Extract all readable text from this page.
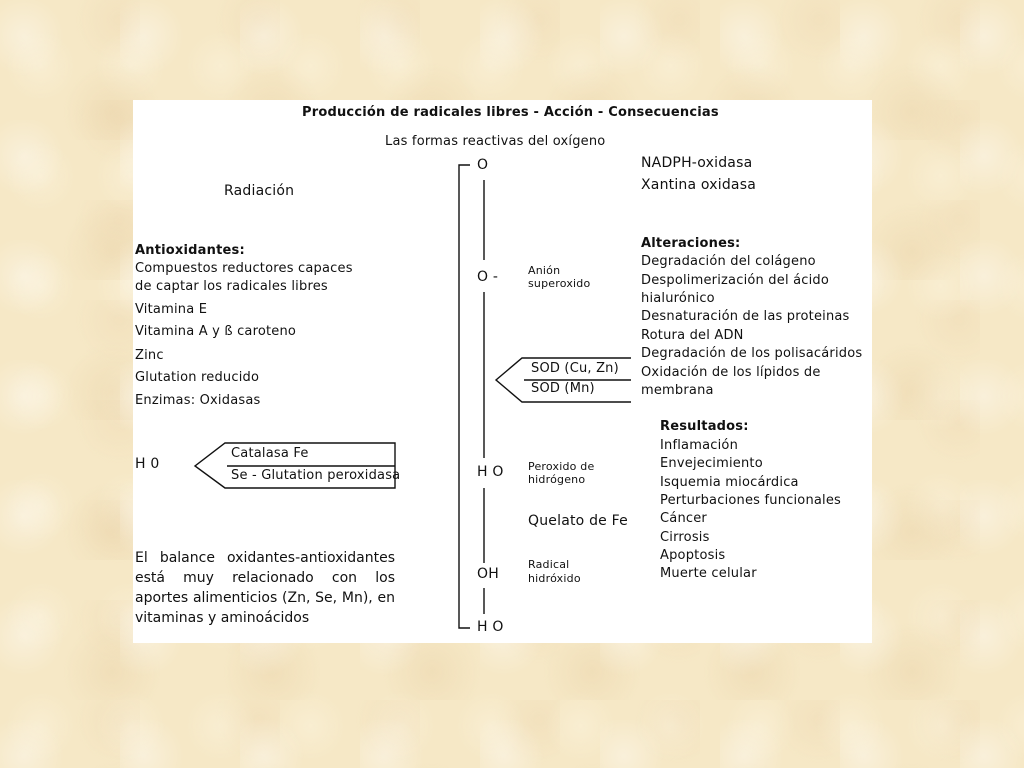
Producción de radicales libres - Acción - Consecuencias
Las formas reactivas del oxígeno
Radiación
Antioxidantes:
Compuestos reductores capaces
de captar los radicales libres
Vitamina E
Vitamina A y ß caroteno
Zinc
Glutation reducido
Enzimas: Oxidasas
H 0
Catalasa Fe
Se - Glutation peroxidasa
El balance oxidantes-antioxidantes está muy relacionado con los aportes alimenticios (Zn, Se, Mn), en vitaminas y aminoácidos
O
O -	Anión
superoxido
SOD (Cu, Zn)
SOD (Mn)
H O Peroxido de
hidrógeno
Quelato de Fe
OH
Radical
hidróxido
H O
NADPH-oxidasa
Xantina oxidasa
Alteraciones:
Degradación del colágeno
Despolimerización del ácido
hialurónico
Desnaturación de las proteinas
Rotura del ADN
Degradación de los polisacáridos
Oxidación de los lípidos de
membrana
Resultados:
Inflamación
Envejecimiento
Isquemia miocárdica
Perturbaciones funcionales
Cáncer
Cirrosis
Apoptosis
Muerte celular
